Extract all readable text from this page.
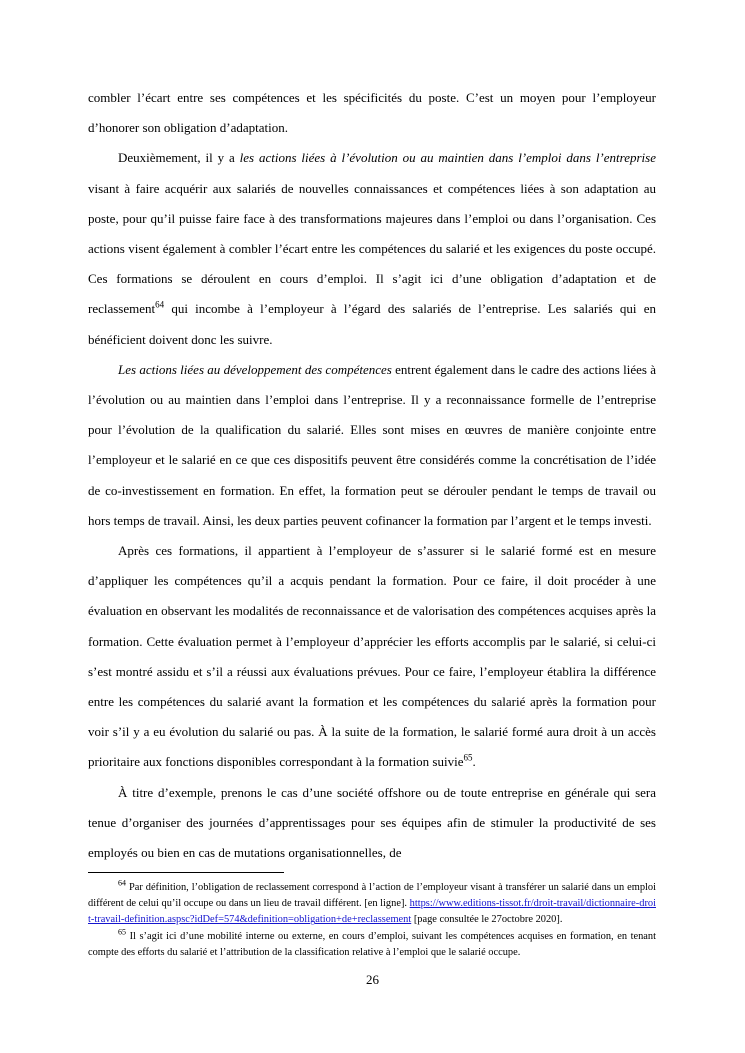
combler l’écart entre ses compétences et les spécificités du poste. C’est un moyen pour l’employeur d’honorer son obligation d’adaptation.

Deuxièmement, il y a les actions liées à l’évolution ou au maintien dans l’emploi dans l’entreprise visant à faire acquérir aux salariés de nouvelles connaissances et compétences liées à son adaptation au poste, pour qu’il puisse faire face à des transformations majeures dans l’emploi ou dans l’organisation. Ces actions visent également à combler l’écart entre les compétences du salarié et les exigences du poste occupé. Ces formations se déroulent en cours d’emploi. Il s’agit ici d’une obligation d’adaptation et de reclassement$^{64}$ qui incombe à l’employeur à l’égard des salariés de l’entreprise. Les salariés qui en bénéficient doivent donc les suivre.

Les actions liées au développement des compétences entrent également dans le cadre des actions liées à l’évolution ou au maintien dans l’emploi dans l’entreprise. Il y a reconnaissance formelle de l’entreprise pour l’évolution de la qualification du salarié. Elles sont mises en œuvres de manière conjointe entre l’employeur et le salarié en ce que ces dispositifs peuvent être considérés comme la concrétisation de l’idée de co-investissement en formation. En effet, la formation peut se dérouler pendant le temps de travail ou hors temps de travail. Ainsi, les deux parties peuvent cofinancer la formation par l’argent et le temps investi.

Après ces formations, il appartient à l’employeur de s’assurer si le salarié formé est en mesure d’appliquer les compétences qu’il a acquis pendant la formation. Pour ce faire, il doit procéder à une évaluation en observant les modalités de reconnaissance et de valorisation des compétences acquises après la formation. Cette évaluation permet à l’employeur d’apprécier les efforts accomplis par le salarié, si celui-ci s’est montré assidu et s’il a réussi aux évaluations prévues. Pour ce faire, l’employeur établira la différence entre les compétences du salarié avant la formation et les compétences du salarié après la formation pour voir s’il y a eu évolution du salarié ou pas. À la suite de la formation, le salarié formé aura droit à un accès prioritaire aux fonctions disponibles correspondant à la formation suivie$^{65}$.

À titre d’exemple, prenons le cas d’une société offshore ou de toute entreprise en générale qui sera tenue d’organiser des journées d’apprentissages pour ses équipes afin de stimuler la productivité de ses employés ou bien en cas de mutations organisationnelles, de

$^{64}$ Par définition, l’obligation de reclassement correspond à l’action de l’employeur visant à transférer un salarié dans un emploi différent de celui qu’il occupe ou dans un lieu de travail différent. [en ligne]. https://www.editions-tissot.fr/droit-travail/dictionnaire-droit-travail-definition.aspsc?idDef=574&definition=obligation+de+reclassement [page consultée le 27octobre 2020].

$^{65}$ Il s’agit ici d’une mobilité interne ou externe, en cours d’emploi, suivant les compétences acquises en formation, en tenant compte des efforts du salarié et l’attribution de la classification relative à l’emploi que le salarié occupe.

26
